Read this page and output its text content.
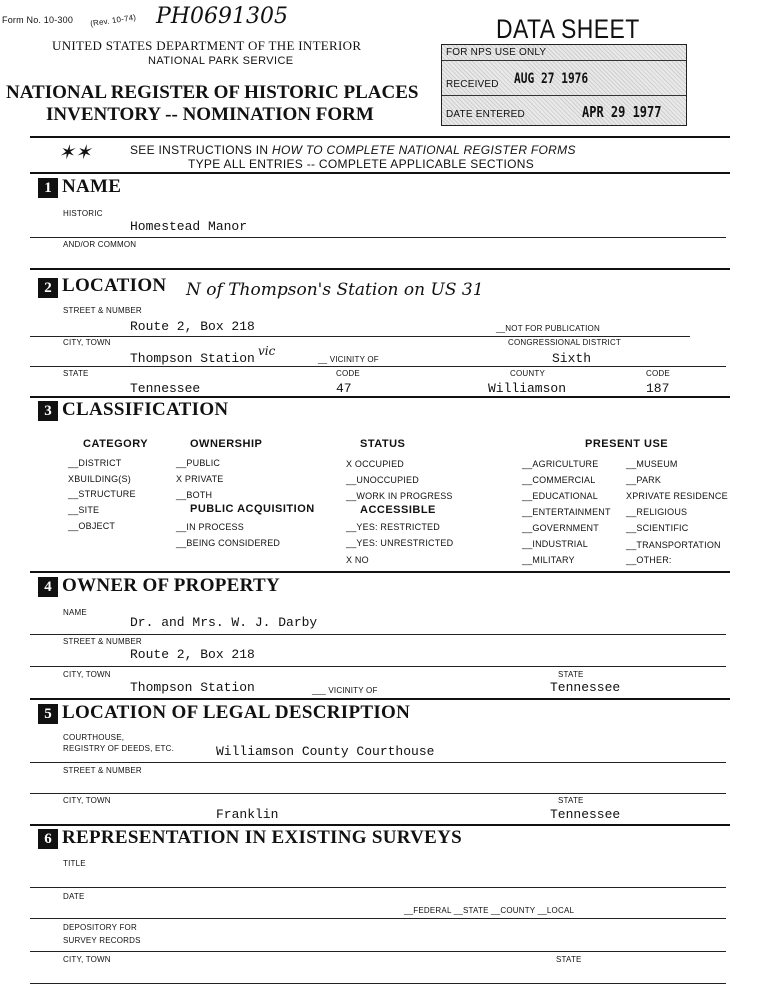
Form No. 10-300 (Rev. 10-74) PH0691305
UNITED STATES DEPARTMENT OF THE INTERIOR
NATIONAL PARK SERVICE
NATIONAL REGISTER OF HISTORIC PLACES
INVENTORY -- NOMINATION FORM
DATA SHEET
FOR NPS USE ONLY
RECEIVED AUG 27 1976
DATE ENTERED	APR 29 1977
✶✶	SEE INSTRUCTIONS IN HOW TO COMPLETE NATIONAL REGISTER FORMS
TYPE ALL ENTRIES -- COMPLETE APPLICABLE SECTIONS
1 NAME
HISTORIC
Homestead Manor
AND/OR COMMON
2 LOCATION N of Thompson's Station on US 31
STREET & NUMBER
Route 2, Box 218	__NOT FOR PUBLICATION
CITY, TOWN	CONGRESSIONAL DISTRICT
Thompson Station vic
__ VICINITY OF	Sixth
STATE	CODE	COUNTY	CODE
Tennessee	47	Williamson	187
3 CLASSIFICATION
CATEGORY
__DISTRICT
XBUILDING(S)
__STRUCTURE
__SITE
__OBJECT
OWNERSHIP
__PUBLIC
X PRIVATE
__BOTH
PUBLIC ACQUISITION
__IN PROCESS
__BEING CONSIDERED
STATUS
X OCCUPIED
__UNOCCUPIED
__WORK IN PROGRESS
ACCESSIBLE
__YES: RESTRICTED
__YES: UNRESTRICTED
X NO
PRESENT USE
__AGRICULTURE
__COMMERCIAL
__EDUCATIONAL
__ENTERTAINMENT
__GOVERNMENT
__INDUSTRIAL
__MILITARY
__MUSEUM
__PARK
XPRIVATE RESIDENCE
__RELIGIOUS
__SCIENTIFIC
__TRANSPORTATION
__OTHER:
4 OWNER OF PROPERTY
NAME
Dr. and Mrs. W. J. Darby
STREET & NUMBER
Route 2, Box 218
CITY, TOWN	STATE
Thompson Station	___ VICINITY OF	Tennessee
5 LOCATION OF LEGAL DESCRIPTION
COURTHOUSE,
REGISTRY OF DEEDS, ETC.	Williamson County Courthouse
STREET & NUMBER
CITY, TOWN	STATE
Franklin	Tennessee
6 REPRESENTATION IN EXISTING SURVEYS
TITLE
DATE
__FEDERAL __STATE __COUNTY __LOCAL
DEPOSITORY FOR
SURVEY RECORDS
CITY, TOWN	STATE
